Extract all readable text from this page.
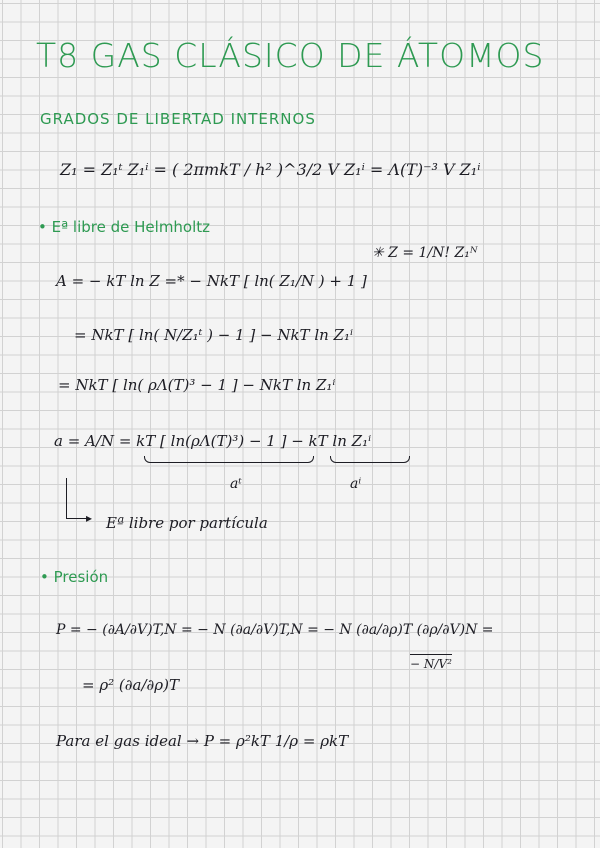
T8 GAS CLÁSICO DE ÁTOMOS
GRADOS DE LIBERTAD INTERNOS
Z₁ = Z₁ᵗ Z₁ⁱ = ( 2πmkT / h² )^3/2 V Z₁ⁱ = Λ(T)⁻³ V Z₁ⁱ
• Eª libre de Helmholtz
✳ Z = 1/N! Z₁ᴺ
A = − kT ln Z =* − NkT [ ln( Z₁/N ) + 1 ]
= NkT [ ln( N/Z₁ᵗ ) − 1 ] − NkT ln Z₁ⁱ
= NkT [ ln( ρΛ(T)³ − 1 ] − NkT ln Z₁ⁱ
a = A/N = kT [ ln(ρΛ(T)³) − 1 ] − kT ln Z₁ⁱ
aᵗ	aⁱ
▸ Eª libre por partícula
• Presión
P = − (∂A/∂V)T,N = − N (∂a/∂V)T,N = − N (∂a/∂ρ)T (∂ρ/∂V)N =
− N/V²
= ρ² (∂a/∂ρ)T
Para el gas ideal → P = ρ²kT 1/ρ = ρkT
